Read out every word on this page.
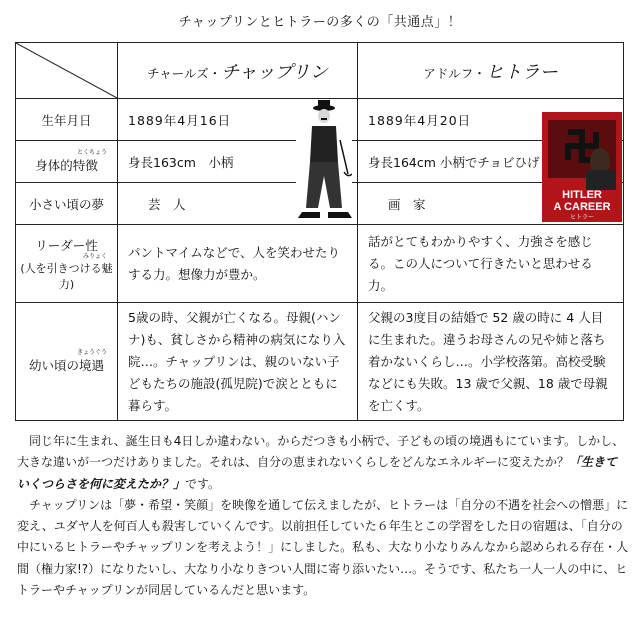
チャップリンとヒトラーの多くの「共通点」！
	チャールズ・チャップリン	アドルフ・ヒトラー
生年月日	1889年4月16日	1889年4月20日

とくちょう
身体的特徴	身長163cm　小柄	身長164cm 小柄でチョビひげ
小さい頃の夢	芸　人	画　家

リーダー性
みりょく
(人を引きつける魅力)	パントマイムなどで、人を笑わせたりする力。想像力が豊か。	話がとてもわかりやすく、力強さを感じる。この人について行きたいと思わせる力。

きょうぐう
幼い頃の境遇	5歳の時、父親が亡くなる。母親(ハンナ)も、貧しさから精神の病気になり入院…。チャップリンは、親のいない子どもたちの施設(孤児院)で涙とともに暮らす。	父親の3度目の結婚で 52 歳の時に 4 人目に生まれた。違うお母さんの兄や姉と落ち着かないくらし…。小学校落第。高校受験などにも失敗。13 歳で父親、18 歳で母親を亡くす。
HITLER
A CAREER
ヒトラー

　同じ年に生まれ、誕生日も4日しか違わない。からだつきも小柄で、子どもの頃の境遇もにています。しかし、大きな違いが一つだけありました。それは、自分の恵まれないくらしをどんなエネルギーに変えたか？「生きていくつらさを何に変えたか？」です。

　チャップリンは「夢・希望・笑顔」を映像を通して伝えましたが、ヒトラーは「自分の不遇を社会への憎悪」に変え、ユダヤ人を何百人も殺害していくんです。以前担任していた６年生とこの学習をした日の宿題は、「自分の中にいるヒトラーやチャップリンを考えよう！」にしました。私も、大なり小なりみんなから認められる存在・人間（権力家!?）になりたいし、大なり小なりきつい人間に寄り添いたい…。そうです、私たち一人一人の中に、ヒトラーやチャップリンが同居しているんだと思います。
